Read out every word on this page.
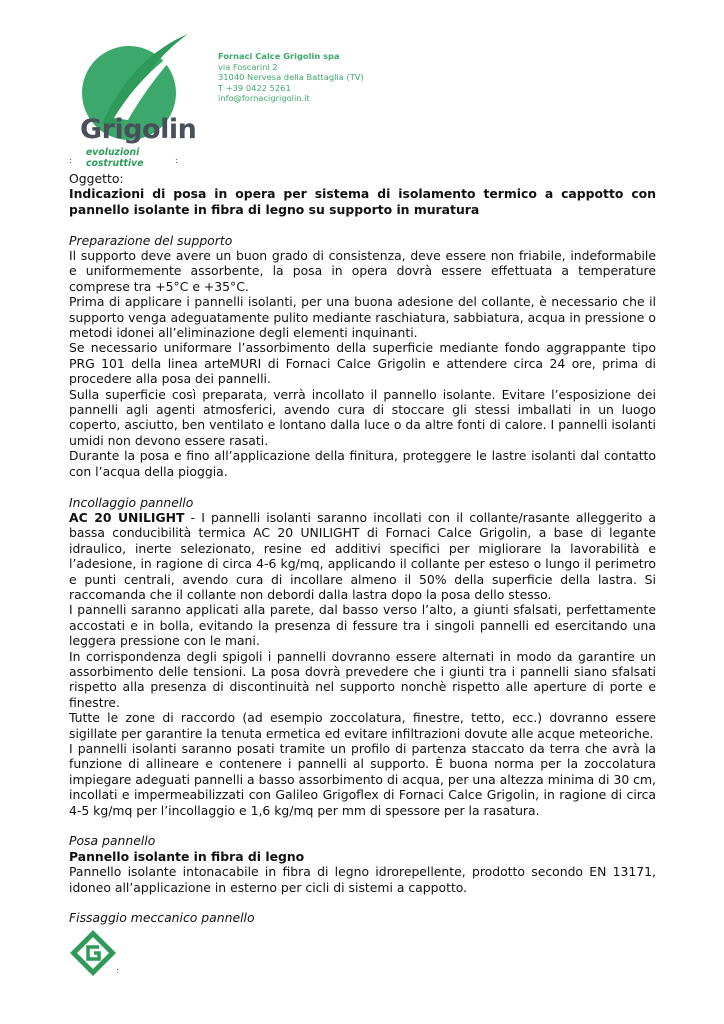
Grigolin
evoluzioni costruttive
Fornaci Calce Grigolin spa
via Foscarini 2
31040 Nervesa della Battaglia (TV)
T +39 0422 5261
info@fornacigrigolin.it
:	:

Oggetto:

Indicazioni di posa in opera per sistema di isolamento termico a cappotto con pannello isolante in fibra di legno su supporto in muratura

Preparazione del supporto

Il supporto deve avere un buon grado di consistenza, deve essere non friabile, indeformabile e uniformemente assorbente, la posa in opera dovrà essere effettuata a temperature comprese tra +5°C e +35°C.

Prima di applicare i pannelli isolanti, per una buona adesione del collante, è necessario che il supporto venga adeguatamente pulito mediante raschiatura, sabbiatura, acqua in pressione o metodi idonei all’eliminazione degli elementi inquinanti.

Se necessario uniformare l’assorbimento della superficie mediante fondo aggrappante tipo PRG 101 della linea arteMURI di Fornaci Calce Grigolin e attendere circa 24 ore, prima di procedere alla posa dei pannelli.

Sulla superficie così preparata, verrà incollato il pannello isolante. Evitare l’esposizione dei pannelli agli agenti atmosferici, avendo cura di stoccare gli stessi imballati in un luogo coperto, asciutto, ben ventilato e lontano dalla luce o da altre fonti di calore. I pannelli isolanti umidi non devono essere rasati.

Durante la posa e fino all’applicazione della finitura, proteggere le lastre isolanti dal contatto con l’acqua della pioggia.

Incollaggio pannello

AC 20 UNILIGHT - I pannelli isolanti saranno incollati con il collante/rasante alleggerito a bassa conducibilità termica AC 20 UNILIGHT di Fornaci Calce Grigolin, a base di legante idraulico, inerte selezionato, resine ed additivi specifici per migliorare la lavorabilità e l’adesione, in ragione di circa 4-6 kg/mq, applicando il collante per esteso o lungo il perimetro e punti centrali, avendo cura di incollare almeno il 50% della superficie della lastra. Si raccomanda che il collante non debordi dalla lastra dopo la posa dello stesso.

I pannelli saranno applicati alla parete, dal basso verso l’alto, a giunti sfalsati, perfettamente accostati e in bolla, evitando la presenza di fessure tra i singoli pannelli ed esercitando una leggera pressione con le mani.

In corrispondenza degli spigoli i pannelli dovranno essere alternati in modo da garantire un assorbimento delle tensioni. La posa dovrà prevedere che i giunti tra i pannelli siano sfalsati rispetto alla presenza di discontinuità nel supporto nonchè rispetto alle aperture di porte e finestre.

Tutte le zone di raccordo (ad esempio zoccolatura, finestre, tetto, ecc.) dovranno essere sigillate per garantire la tenuta ermetica ed evitare infiltrazioni dovute alle acque meteoriche.

I pannelli isolanti saranno posati tramite un profilo di partenza staccato da terra che avrà la funzione di allineare e contenere i pannelli al supporto. È buona norma per la zoccolatura impiegare adeguati pannelli a basso assorbimento di acqua, per una altezza minima di 30 cm, incollati e impermeabilizzati con Galileo Grigoflex di Fornaci Calce Grigolin, in ragione di circa 4-5 kg/mq per l’incollaggio e 1,6 kg/mq per mm di spessore per la rasatura.

Posa pannello

Pannello isolante in fibra di legno

Pannello isolante intonacabile in fibra di legno idrorepellente, prodotto secondo EN 13171, idoneo all’applicazione in esterno per cicli di sistemi a cappotto.

Fissaggio meccanico pannello

:
